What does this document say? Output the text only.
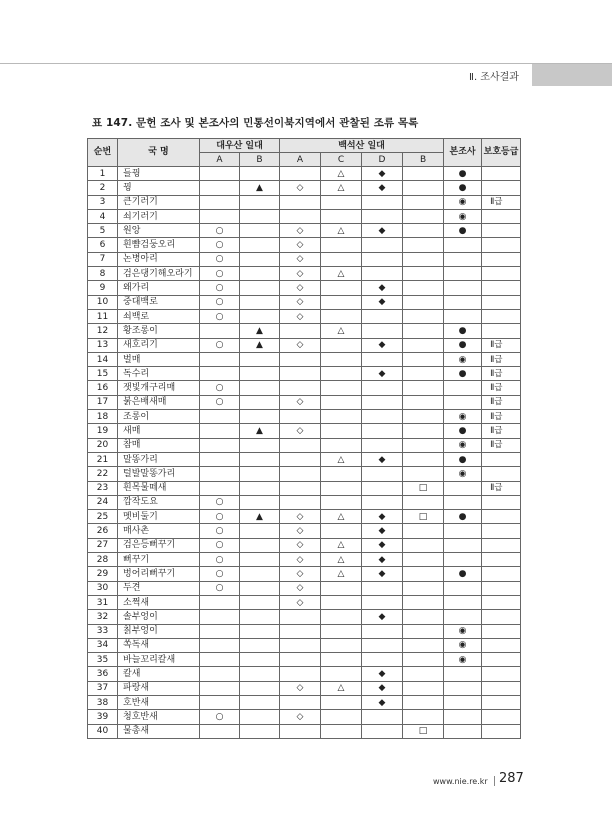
Ⅱ. 조사결과
표 147. 문헌 조사 및 본조사의 민통선이북지역에서 관찰된 조류 목록
순번	국 명	대우산 일대		백석산 일대				본조사	보호등급
		A	B	A	C	D	B		
1	들꿩				△	◆		●	
2	꿩		▲	◇	△	◆		●	
3	큰기러기							◉	Ⅱ급
4	쇠기러기							◉	
5	원앙	○		◇	△	◆		●	
6	흰뺨검둥오리	○		◇					
7	논병아리	○		◇					
8	검은댕기해오라기	○		◇	△				
9	왜가리	○		◇		◆			
10	중대백로	○		◇		◆			
11	쇠백로	○		◇					
12	황조롱이		▲		△			●	
13	새호리기	○	▲	◇		◆		●	Ⅱ급
14	벌매							◉	Ⅱ급
15	독수리					◆		●	Ⅱ급
16	잿빛개구리매	○							Ⅱ급
17	붉은배새매	○		◇					Ⅱ급
18	조롱이							◉	Ⅱ급
19	새매		▲	◇				●	Ⅱ급
20	참매							◉	Ⅱ급
21	말똥가리				△	◆		●	
22	털발말똥가리							◉	
23	흰목물떼새						□		Ⅱ급
24	깝작도요	○							
25	멧비둘기	○	▲	◇	△	◆	□	●	
26	매사촌	○		◇		◆			
27	검은등뻐꾸기	○		◇	△	◆			
28	뻐꾸기	○		◇	△	◆			
29	벙어리뻐꾸기	○		◇	△	◆		●	
30	두견	○		◇					
31	소쩍새			◇					
32	솔부엉이					◆			
33	칡부엉이							◉	
34	쏙독새							◉	
35	바늘꼬리칼새							◉	
36	칼새					◆			
37	파랑새			◇	△	◆			
38	호반새					◆			
39	청호반새	○		◇					
40	물총새						□		
www.nie.re.kr 287
